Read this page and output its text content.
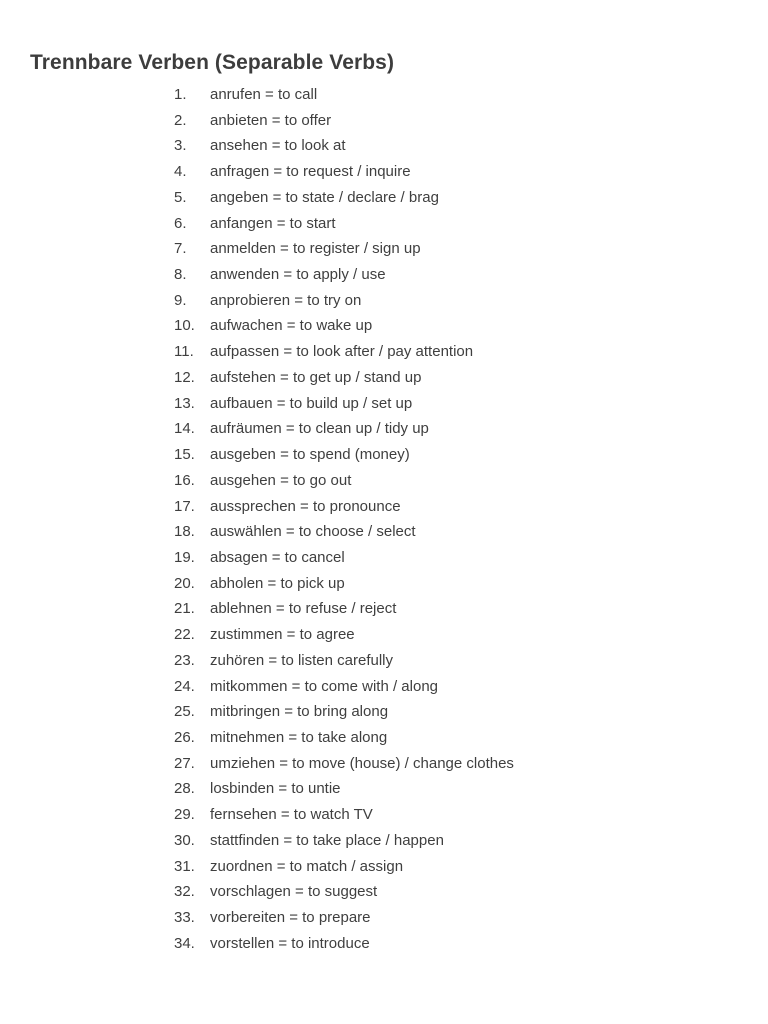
Trennbare Verben (Separable Verbs)
1. anrufen = to call
2. anbieten = to offer
3. ansehen = to look at
4. anfragen = to request / inquire
5. angeben = to state / declare / brag
6. anfangen = to start
7. anmelden = to register / sign up
8. anwenden = to apply / use
9. anprobieren = to try on
10. aufwachen = to wake up
11. aufpassen = to look after / pay attention
12. aufstehen = to get up / stand up
13. aufbauen = to build up / set up
14. aufräumen = to clean up / tidy up
15. ausgeben = to spend (money)
16. ausgehen = to go out
17. aussprechen = to pronounce
18. auswählen = to choose / select
19. absagen = to cancel
20. abholen = to pick up
21. ablehnen = to refuse / reject
22. zustimmen = to agree
23. zuhören = to listen carefully
24. mitkommen = to come with / along
25. mitbringen = to bring along
26. mitnehmen = to take along
27. umziehen = to move (house) / change clothes
28. losbinden = to untie
29. fernsehen = to watch TV
30. stattfinden = to take place / happen
31. zuordnen = to match / assign
32. vorschlagen = to suggest
33. vorbereiten = to prepare
34. vorstellen = to introduce
